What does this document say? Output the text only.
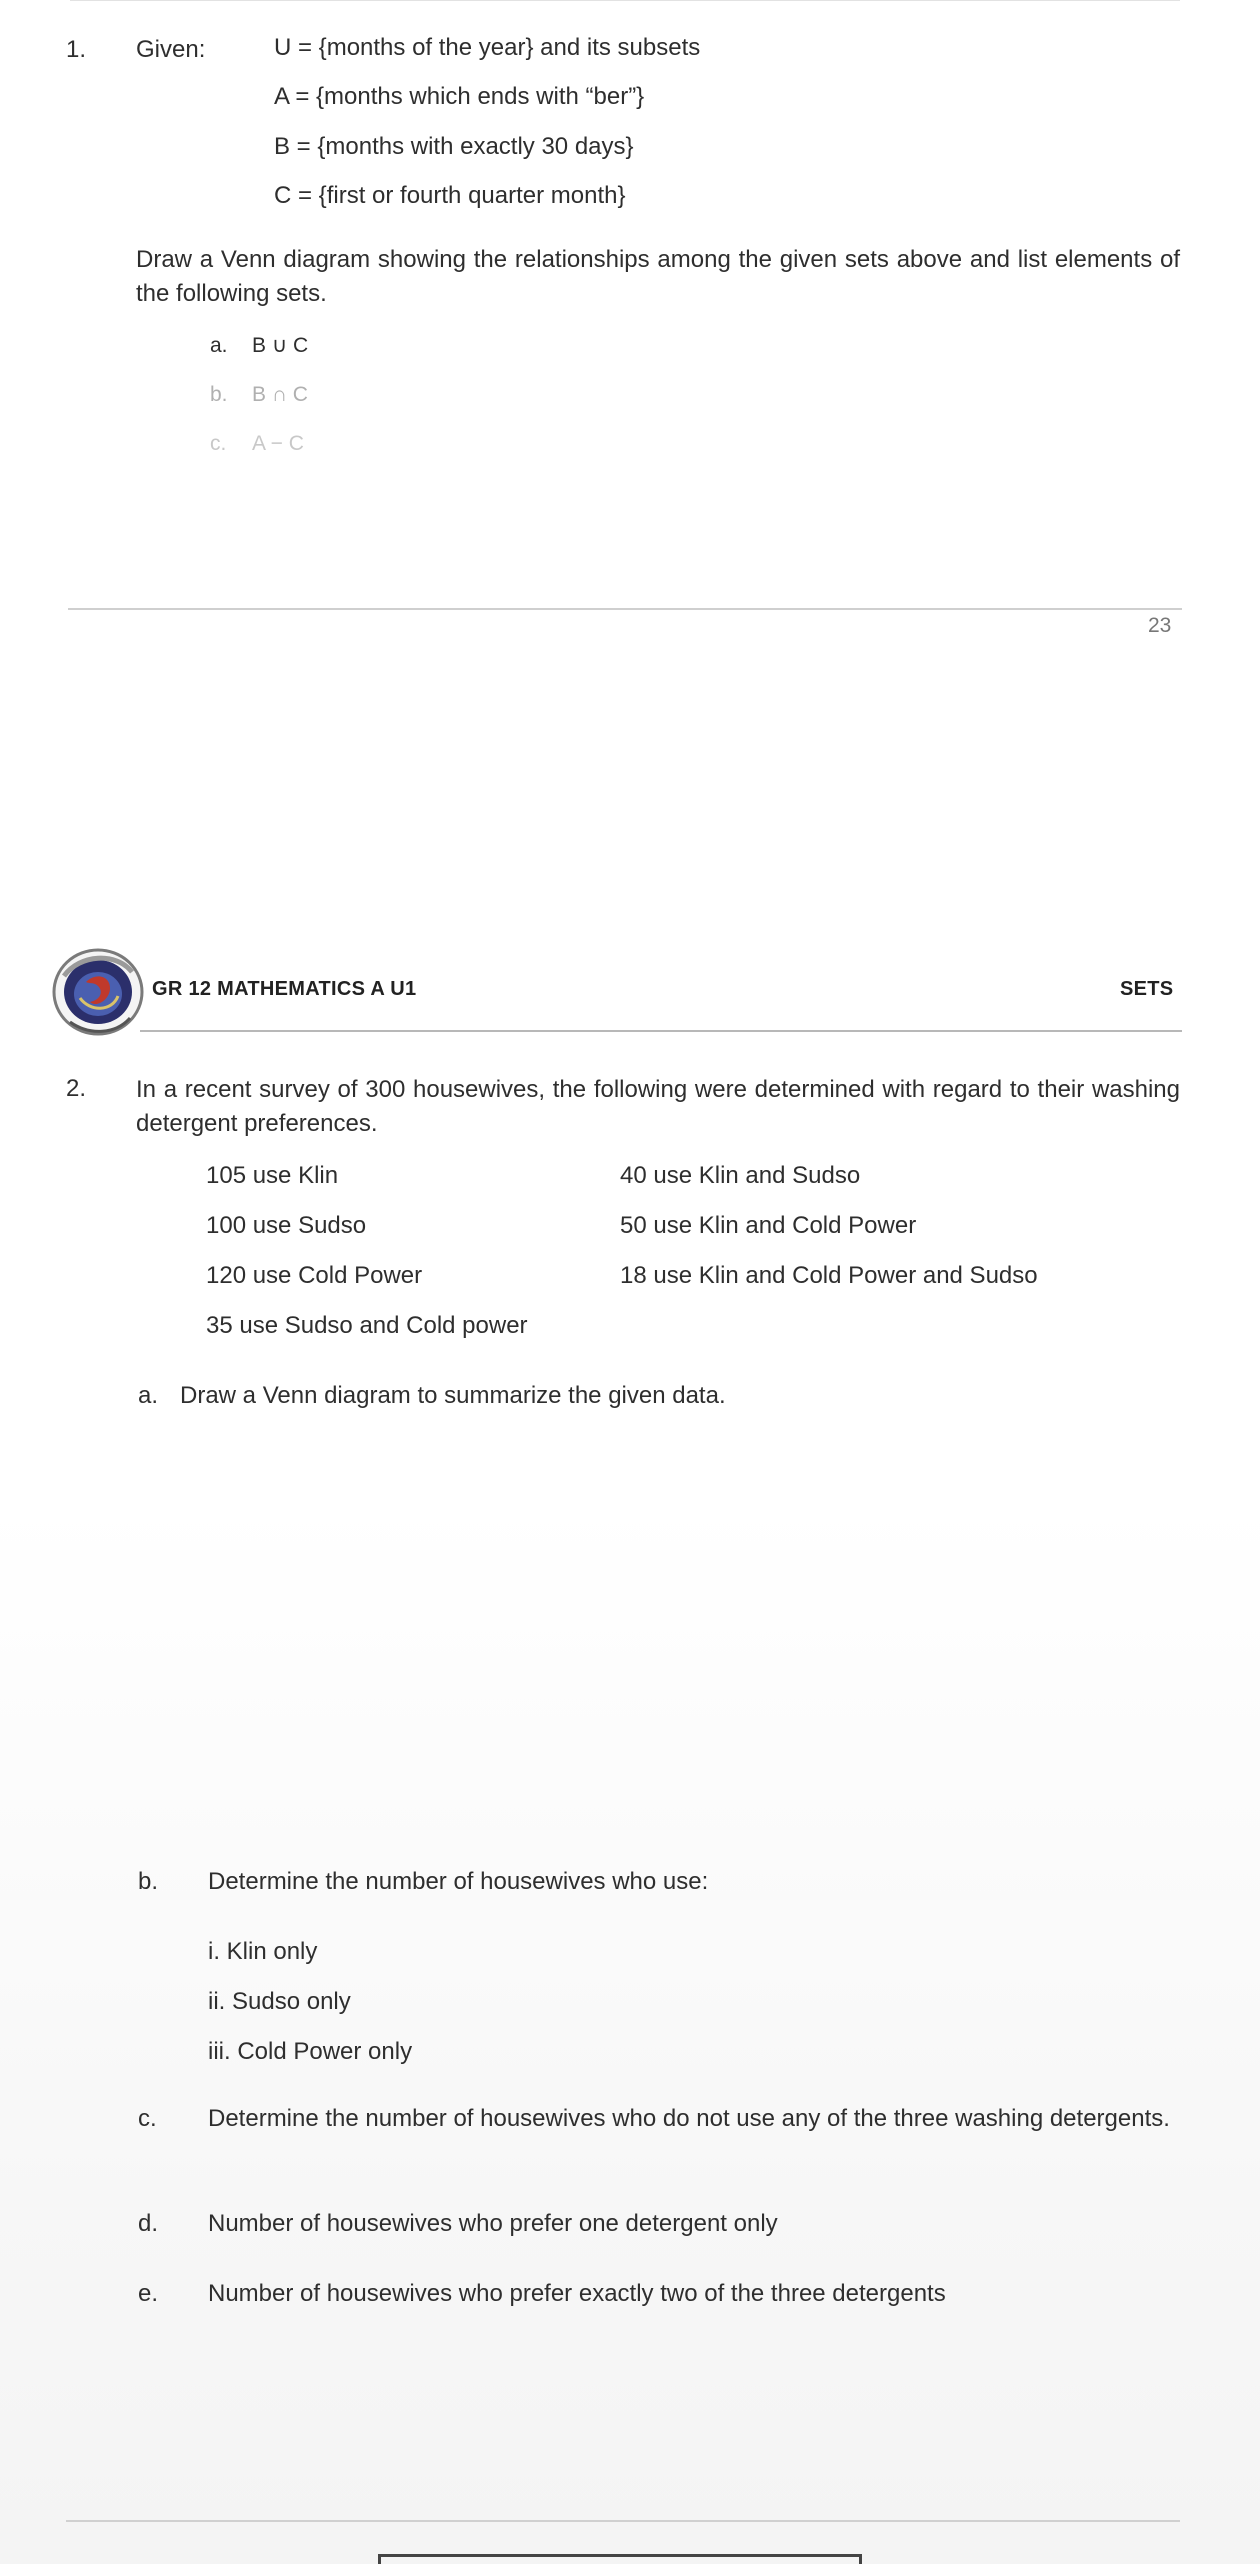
1. Given:	U = {months of the year} and its subsets
A = {months which ends with “ber”}
B = {months with exactly 30 days}
C = {first or fourth quarter month}
Draw a Venn diagram showing the relationships among the given sets above and list elements of the following sets.
a. B ∪ C
b. B ∩ C
c. A − C
23
GR 12 MATHEMATICS A U1	SETS
2. In a recent survey of 300 housewives, the following were determined with regard to their washing detergent preferences.
105 use Klin
100 use Sudso
120 use Cold Power
35 use Sudso and Cold power
40 use Klin and Sudso
50 use Klin and Cold Power
18 use Klin and Cold Power and Sudso
a. Draw a Venn diagram to summarize the given data.
b. Determine the number of housewives who use:
i. Klin only
ii. Sudso only
iii. Cold Power only
c. Determine the number of housewives who do not use any of the three washing detergents.
d. Number of housewives who prefer one detergent only
e. Number of housewives who prefer exactly two of the three detergents
